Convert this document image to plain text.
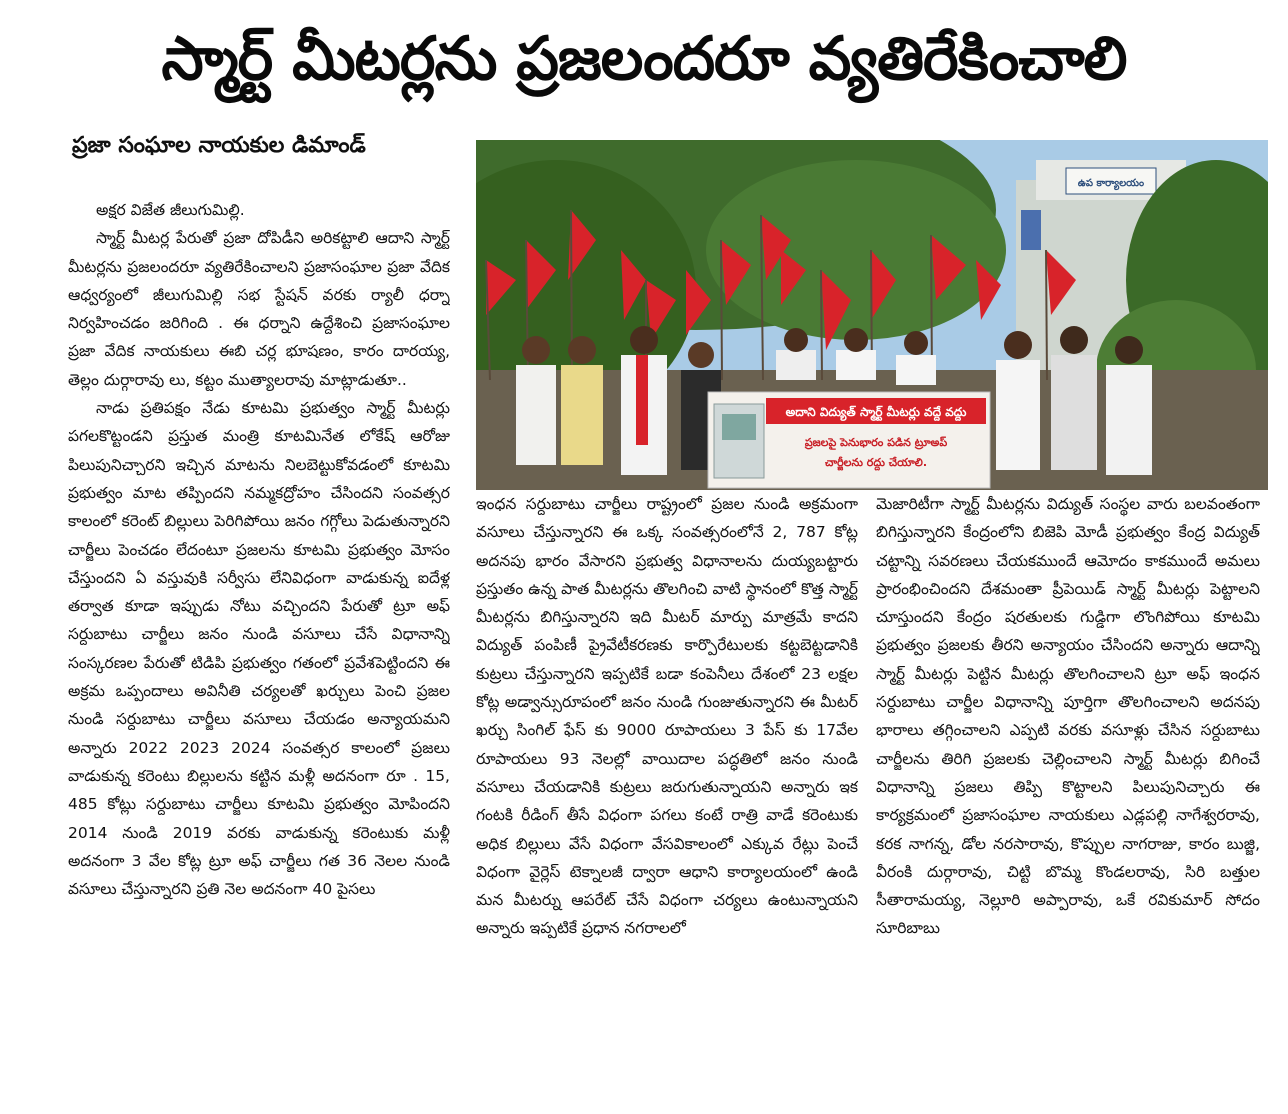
స్మార్ట్ మీటర్లను ప్రజలందరూ వ్యతిరేకించాలి
ప్రజా సంఘాల నాయకుల డిమాండ్

అక్షర విజేత జీలుగుమిల్లి.

స్మార్ట్ మీటర్ల పేరుతో ప్రజా దోపిడీని అరికట్టాలి ఆదాని స్మార్ట్ మీటర్లను ప్రజలందరూ వ్యతిరేకించాలని ప్రజాసంఘాల ప్రజా వేదిక ఆధ్వర్యంలో జీలుగుమిల్లి సభ స్టేషన్ వరకు ర్యాలీ ధర్నా నిర్వహించడం జరిగింది . ఈ ధర్నాని ఉద్దేశించి ప్రజాసంఘాల ప్రజా వేదిక నాయకులు ఈబి చర్ల భూషణం, కారం దారయ్య, తెల్లం దుర్గారావు లు, కట్టం ముత్యాలరావు మాట్లాడుతూ..

నాడు ప్రతిపక్షం నేడు కూటమి ప్రభుత్వం స్మార్ట్ మీటర్లు పగలకొట్టండని ప్రస్తుత మంత్రి కూటమినేత లోకేష్ ఆరోజు పిలుపునిచ్చారని ఇచ్చిన మాటను నిలబెట్టుకోవడంలో కూటమి ప్రభుత్వం మాట తప్పిందని నమ్మకద్రోహం చేసిందని సంవత్సర కాలంలో కరెంట్ బిల్లులు పెరిగిపోయి జనం గగ్గోలు పెడుతున్నారని చార్జీలు పెంచడం లేదంటూ ప్రజలను కూటమి ప్రభుత్వం మోసం చేస్తుందని ఏ వస్తువుకి సర్వీసు లేనివిధంగా వాడుకున్న ఐదేళ్ల తర్వాత కూడా ఇప్పుడు నోటు వచ్చిందని పేరుతో ట్రూ అఫ్ సర్దుబాటు చార్జీలు జనం నుండి వసూలు చేసే విధానాన్ని సంస్కరణల పేరుతో టిడిపి ప్రభుత్వం గతంలో ప్రవేశపెట్టిందని ఈ అక్రమ ఒప్పందాలు అవినీతి చర్యలతో ఖర్చులు పెంచి ప్రజల నుండి సర్దుబాటు చార్జీలు వసూలు చేయడం అన్యాయమని అన్నారు 2022 2023 2024 సంవత్సర కాలంలో ప్రజలు వాడుకున్న కరెంటు బిల్లులను కట్టిన మళ్లీ అదనంగా రూ . 15, 485 కోట్లు సర్దుబాటు చార్జీలు కూటమి ప్రభుత్వం మోపిందని 2014 నుండి 2019 వరకు వాడుకున్న కరెంటుకు మళ్లీ అదనంగా 3 వేల కోట్ల ట్రూ అఫ్ చార్జీలు గత 36 నెలల నుండి వసూలు చేస్తున్నారని ప్రతి నెల అదనంగా 40 పైసలు

ఉప కార్యాలయం
అదాని విద్యుత్ స్మార్ట్ మీటర్లు వద్దే వద్దు
ప్రజలపై పెనుభారం పడిన ట్రూఅప్
చార్జీలను రద్దు చేయాలి.

ఇంధన సర్దుబాటు చార్జీలు రాష్ట్రంలో ప్రజల నుండి అక్రమంగా వసూలు చేస్తున్నారని ఈ ఒక్క సంవత్సరంలోనే 2, 787 కోట్ల అదనపు భారం వేసారని ప్రభుత్వ విధానాలను దుయ్యబట్టారు ప్రస్తుతం ఉన్న పాత మీటర్లను తొలగించి వాటి స్థానంలో కొత్త స్మార్ట్ మీటర్లను బిగిస్తున్నారని ఇది మీటర్ మార్పు మాత్రమే కాదని విద్యుత్ పంపిణీ ప్రైవేటీకరణకు కార్పొరేటులకు కట్టబెట్టడానికి కుట్రలు చేస్తున్నారని ఇప్పటికే బడా కంపెనీలు దేశంలో 23 లక్షల కోట్ల అడ్వాన్సురూపంలో జనం నుండి గుంజుతున్నారని ఈ మీటర్ ఖర్చు సింగిల్ ఫేస్ కు 9000 రూపాయలు 3 పేస్ కు 17వేల రూపాయలు 93 నెలల్లో వాయిదాల పద్ధతిలో జనం నుండి వసూలు చేయడానికి కుట్రలు జరుగుతున్నాయని అన్నారు ఇక గంటకి రీడింగ్ తీసే విధంగా పగలు కంటే రాత్రి వాడే కరెంటుకు అధిక బిల్లులు వేసే విధంగా వేసవికాలంలో ఎక్కువ రేట్లు పెంచే విధంగా వైర్లెస్ టెక్నాలజీ ద్వారా ఆధాని కార్యాలయంలో ఉండి మన మీటర్ను ఆపరేట్ చేసే విధంగా చర్యలు ఉంటున్నాయని అన్నారు ఇప్పటికే ప్రధాన నగరాలలో

మెజారిటీగా స్మార్ట్ మీటర్లను విద్యుత్ సంస్థల వారు బలవంతంగా బిగిస్తున్నారని కేంద్రంలోని బిజెపి మోడీ ప్రభుత్వం కేంద్ర విద్యుత్ చట్టాన్ని సవరణలు చేయకముందే ఆమోదం కాకముందే అమలు ప్రారంభించిందని దేశమంతా ప్రీపెయిడ్ స్మార్ట్ మీటర్లు పెట్టాలని చూస్తుందని కేంద్రం షరతులకు గుడ్డిగా లొంగిపోయి కూటమి ప్రభుత్వం ప్రజలకు తీరని అన్యాయం చేసిందని అన్నారు ఆదాన్ని స్మార్ట్ మీటర్లు పెట్టిన మీటర్లు తొలగించాలని ట్రూ అఫ్ ఇంధన సర్దుబాటు చార్జీల విధానాన్ని పూర్తిగా తొలగించాలని అదనపు భారాలు తగ్గించాలని ఎప్పటి వరకు వసూళ్లు చేసిన సర్దుబాటు చార్జీలను తిరిగి ప్రజలకు చెల్లించాలని స్మార్ట్ మీటర్లు బిగించే విధానాన్ని ప్రజలు తిప్పి కొట్టాలని పిలుపునిచ్చారు ఈ కార్యక్రమంలో ప్రజాసంఘాల నాయకులు ఎడ్లపల్లి నాగేశ్వరరావు, కరక నాగన్న, డోల నరసారావు, కొప్పుల నాగరాజు, కారం బుజ్జి, వీరంకి దుర్గారావు, చిట్టి బొమ్మ కొండలరావు, సిరి బత్తుల సీతారామయ్య, నెల్లూరి అప్పారావు, ఒకే రవికుమార్ సోదం సూరిబాబు
